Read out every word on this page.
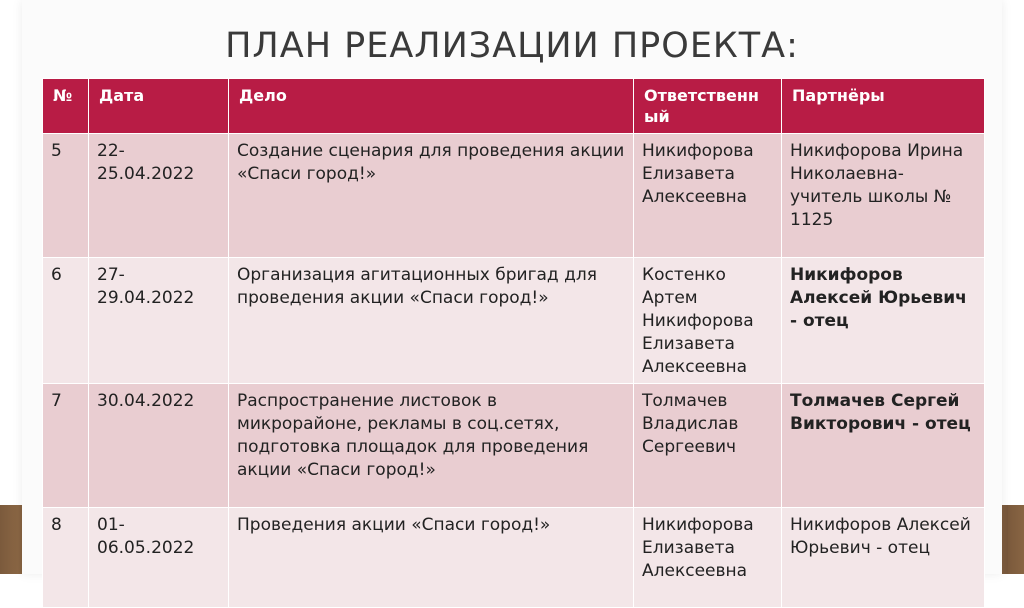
ПЛАН РЕАЛИЗАЦИИ ПРОЕКТА:
№	Дата	Дело	Ответственн ый	Партнёры
5	22-25.04.2022	Создание сценария для проведения акции «Спаси город!»	Никифорова Елизавета Алексеевна	Никифорова Ирина Николаевна- учитель школы № 1125
6	27-29.04.2022	Организация агитационных бригад для проведения акции «Спаси город!»	Костенко Артем Никифорова Елизавета Алексеевна	Никифоров Алексей Юрьевич - отец
7	30.04.2022	Распространение листовок в микрорайоне, рекламы в соц.сетях, подготовка площадок для проведения акции «Спаси город!»	Толмачев Владислав Сергеевич	Толмачев Сергей Викторович - отец
8	01-06.05.2022	Проведения акции «Спаси город!»	Никифорова Елизавета Алексеевна	Никифоров Алексей Юрьевич - отец
